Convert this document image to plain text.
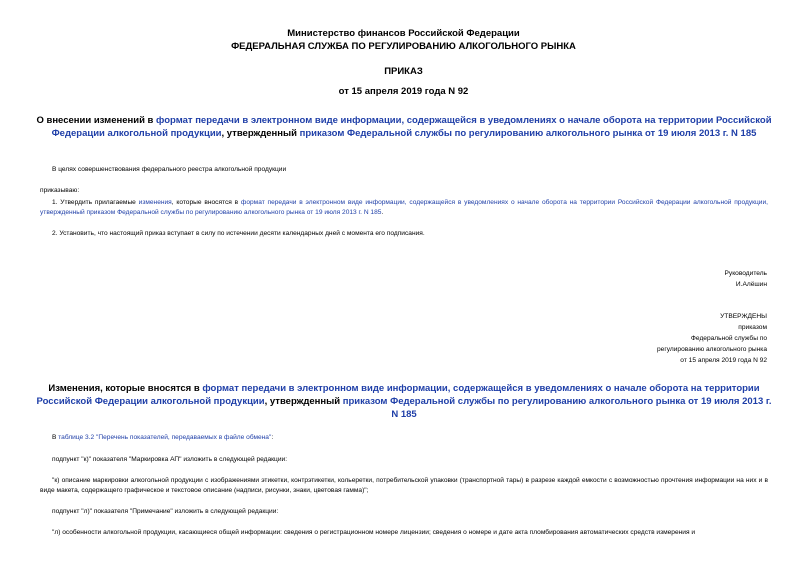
Министерство финансов Российской Федерации
ФЕДЕРАЛЬНАЯ СЛУЖБА ПО РЕГУЛИРОВАНИЮ АЛКОГОЛЬНОГО РЫНКА
ПРИКАЗ
от 15 апреля 2019 года N 92
О внесении изменений в формат передачи в электронном виде информации, содержащейся в уведомлениях о начале оборота на территории Российской Федерации алкогольной продукции, утвержденный приказом Федеральной службы по регулированию алкогольного рынка от 19 июля 2013 г. N 185
В целях совершенствования федерального реестра алкогольной продукции
приказываю:
1. Утвердить прилагаемые изменения, которые вносятся в формат передачи в электронном виде информации, содержащейся в уведомлениях о начале оборота на территории Российской Федерации алкогольной продукции, утвержденный приказом Федеральной службы по регулированию алкогольного рынка от 19 июля 2013 г. N 185.
2. Установить, что настоящий приказ вступает в силу по истечении десяти календарных дней с момента его подписания.
Руководитель
И.Алёшин
УТВЕРЖДЕНЫ
приказом
Федеральной службы по
регулированию алкогольного рынка
от 15 апреля 2019 года N 92
Изменения, которые вносятся в формат передачи в электронном виде информации, содержащейся в уведомлениях о начале оборота на территории Российской Федерации алкогольной продукции, утвержденный приказом Федеральной службы по регулированию алкогольного рынка от 19 июля 2013 г. N 185
В таблице 3.2 "Перечень показателей, передаваемых в файле обмена":
подпункт "к)" показателя "Маркировка АП" изложить в следующей редакции:
"к) описание маркировки алкогольной продукции с изображениями этикетки, контрэтикетки, кольеретки, потребительской упаковки (транспортной тары) в разрезе каждой емкости с возможностью прочтения информации на них и в виде макета, содержащего графическое и текстовое описание (надписи, рисунки, знаки, цветовая гамма)";
подпункт "л)" показателя "Примечание" изложить в следующей редакции:
"л) особенности алкогольной продукции, касающиеся общей информации: сведения о регистрационном номере лицензии; сведения о номере и дате акта пломбирования автоматических средств измерения и
